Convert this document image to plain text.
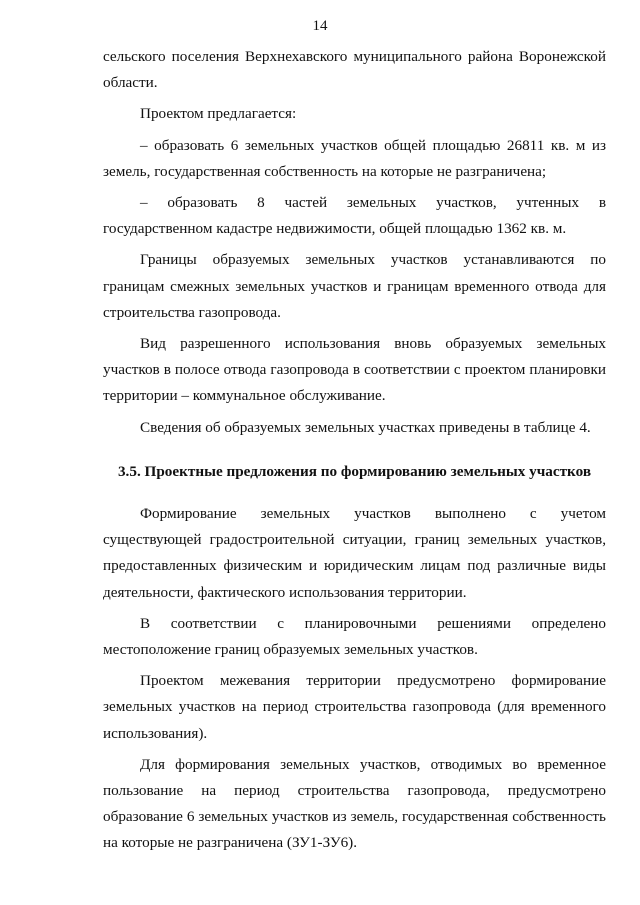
14

сельского поселения Верхнехавского муниципального района Воронежской области.

Проектом предлагается:

– образовать 6 земельных участков общей площадью 26811 кв. м из земель, государственная собственность на которые не разграничена;

– образовать 8 частей земельных участков, учтенных в государственном кадастре недвижимости, общей площадью 1362 кв. м.

Границы образуемых земельных участков устанавливаются по границам смежных земельных участков и границам временного отвода для строительства газопровода.

Вид разрешенного использования вновь образуемых земельных участков в полосе отвода газопровода в соответствии с проектом планировки территории – коммунальное обслуживание.

Сведения об образуемых земельных участках приведены в таблице 4.

3.5. Проектные предложения по формированию земельных участков

Формирование земельных участков выполнено с учетом существующей градостроительной ситуации, границ земельных участков, предоставленных физическим и юридическим лицам под различные виды деятельности, фактического использования территории.

В соответствии с планировочными решениями определено местоположение границ образуемых земельных участков.

Проектом межевания территории предусмотрено формирование земельных участков на период строительства газопровода (для временного использования).

Для формирования земельных участков, отводимых во временное пользование на период строительства газопровода, предусмотрено образование 6 земельных участков из земель, государственная собственность на которые не разграничена (ЗУ1-ЗУ6).
